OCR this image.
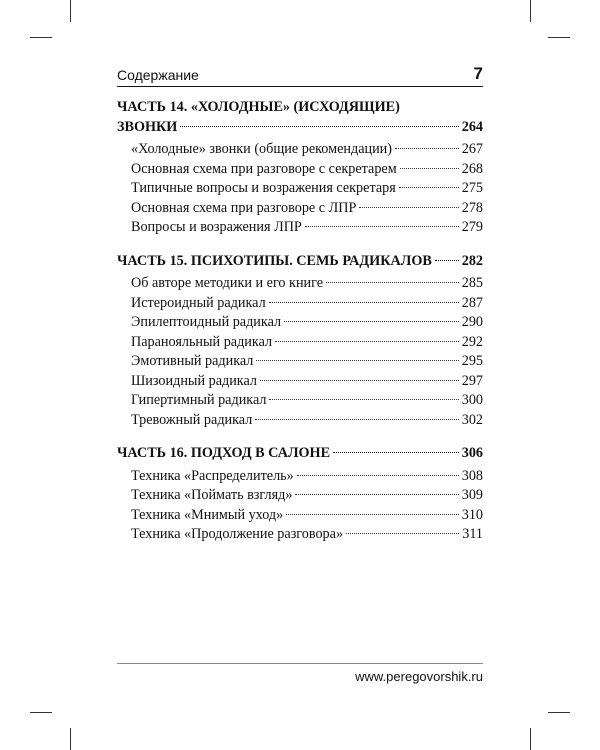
Содержание	7
ЧАСТЬ 14. «ХОЛОДНЫЕ» (ИСХОДЯЩИЕ)
ЗВОНКИ	264
«Холодные» звонки (общие рекомендации)	267
Основная схема при разговоре с секретарем	268
Типичные вопросы и возражения секретаря	275
Основная схема при разговоре с ЛПР	278
Вопросы и возражения ЛПР	279
ЧАСТЬ 15. ПСИХОТИПЫ. СЕМЬ РАДИКАЛОВ 282
Об авторе методики и его книге	285
Истероидный радикал	287
Эпилептоидный радикал	290
Паранояльный радикал	292
Эмотивный радикал	295
Шизоидный радикал	297
Гипертимный радикал	300
Тревожный радикал	302
ЧАСТЬ 16. ПОДХОД В САЛОНЕ	306
Техника «Распределитель»	308
Техника «Поймать взгляд»	309
Техника «Мнимый уход»	310
Техника «Продолжение разговора»	311
www.peregovorshik.ru
